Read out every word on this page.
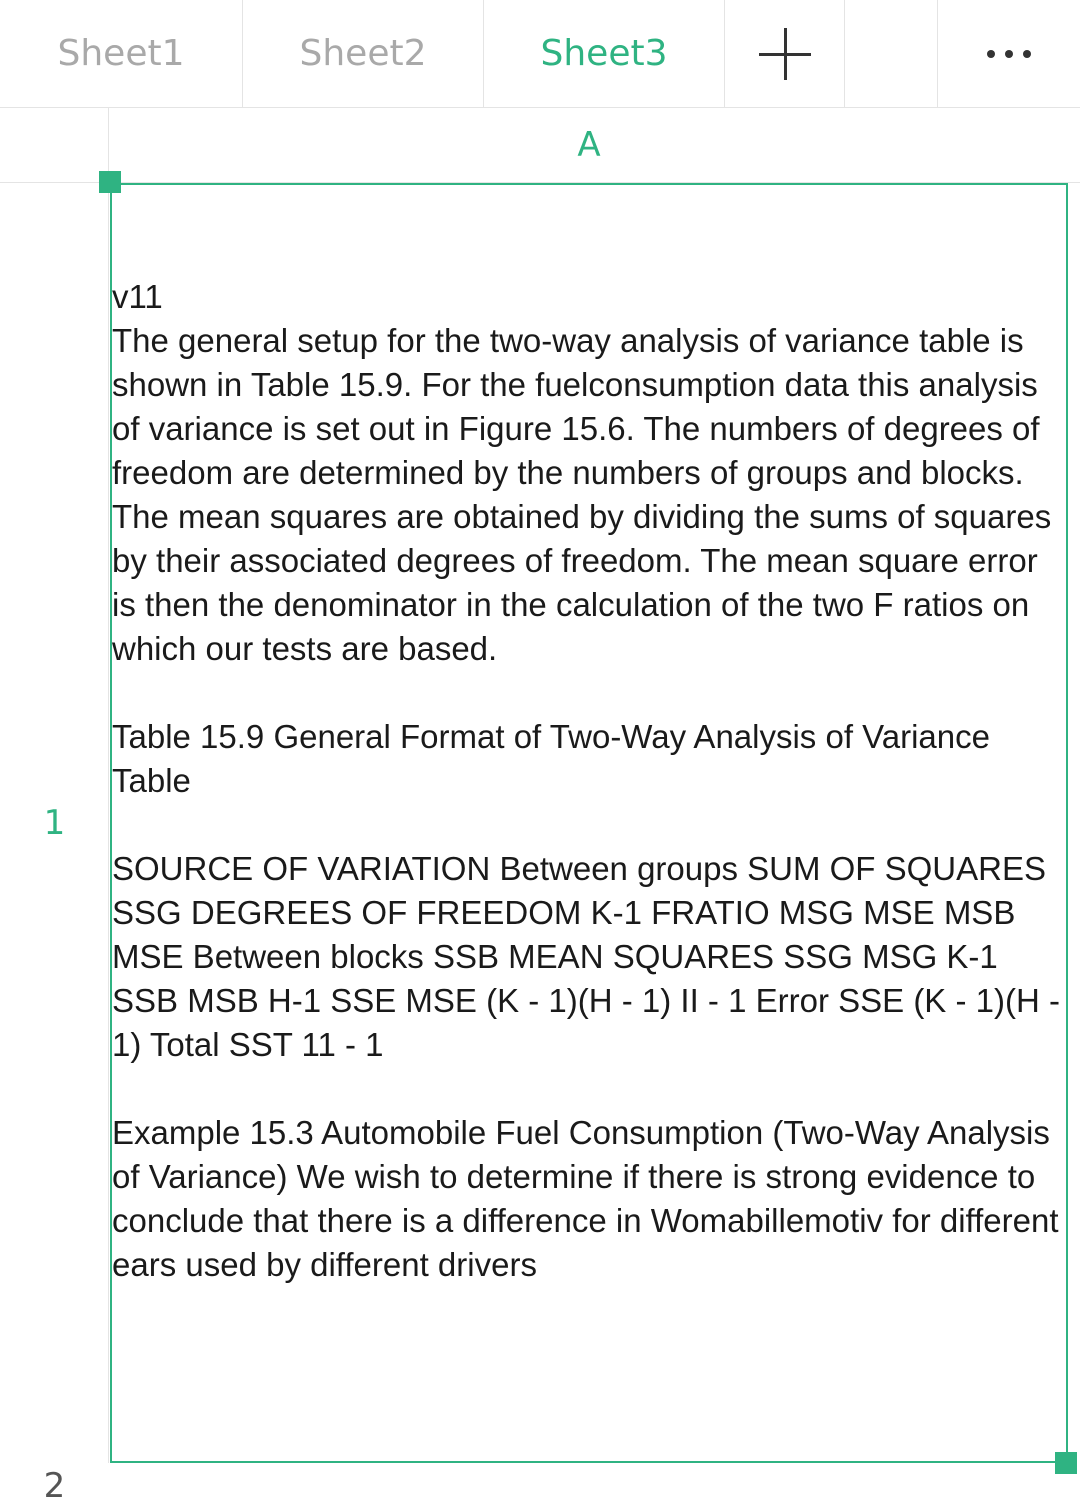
Sheet1	Sheet2	Sheet3
A
1
2
v11
The general setup for the two-way analysis of variance table is shown in Table 15.9. For the fuelconsumption data this analysis of variance is set out in Figure 15.6. The numbers of degrees of freedom are determined by the numbers of groups and blocks. The mean squares are obtained by dividing the sums of squares by their associated degrees of freedom. The mean square error is then the denominator in the calculation of the two F ratios on which our tests are based.

Table 15.9 General Format of Two-Way Analysis of Variance Table

SOURCE OF VARIATION Between groups SUM OF SQUARES SSG DEGREES OF FREEDOM K-1 FRATIO MSG MSE MSB MSE Between blocks SSB MEAN SQUARES SSG MSG K-1 SSB MSB H-1 SSE MSE (K - 1)(H - 1) II - 1 Error SSE (K - 1)(H - 1) Total SST 11 - 1

Example 15.3 Automobile Fuel Consumption (Two-Way Analysis of Variance) We wish to determine if there is strong evidence to conclude that there is a difference in Womabillemotiv for different ears used by different drivers
